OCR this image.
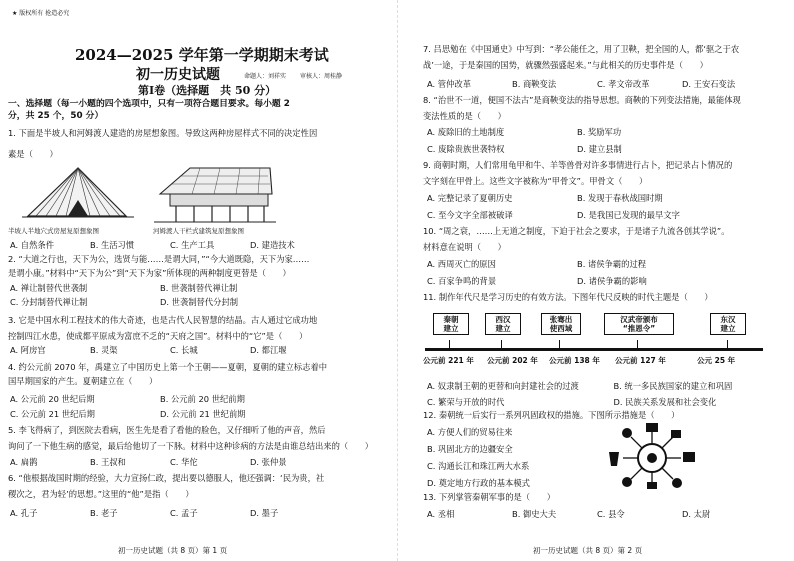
★ 版权所有 抢造必究
2024—2025 学年第一学期期末考试
初一历史试题	命题人：刘祥实 审核人：周桂静
第Ⅰ卷（选择题　共 50 分）
一、选择题（每一小题的四个选项中，只有一项符合题目要求。每小题 2
分，共 25 个，50 分）
1. 下面是半坡人和河姆渡人建造的房屋想象图。导致这两种房屋样式不同的决定性因
素是（　　）
半坡人半地穴式房屋复原想象图	河姆渡人干栏式建筑复原想象图
A. 自然条件	B. 生活习惯	C. 生产工具	D. 建造技术
2. “大道之行也，天下为公，选贤与能……是谓大同，”“今大道既隐，天下为家……
是谓小康。”材料中“天下为公”到“天下为家”所体现的两种制度更替是（　　）
A. 禅让制替代世袭制	B. 世袭制替代禅让制
C. 分封制替代禅让制	D. 世袭制替代分封制
3. 它是中国水利工程技术的伟大奇迹，也是古代人民智慧的结晶。古人通过它成功地
控制四江水患，使成都平原成为富庶不乏的“天府之国”。材料中的“它”是（　　）
A. 阿房宫	B. 灵渠	C. 长城	D. 都江堰
4. 约公元前 2070 年，禹建立了中国历史上第一个王朝——夏朝，夏朝的建立标志着中
国早期国家的产生。夏朝建立在（　　）
A. 公元前 20 世纪后期	B. 公元前 20 世纪前期
C. 公元前 21 世纪后期	D. 公元前 21 世纪前期
5. 李飞得病了，到医院去看病，医生先是看了看他的脸色，又仔细听了他的声音，然后
询问了一下他生病的感觉，最后给他切了一下脉。材料中这种诊病的方法是由谁总结出来的（　　）
A. 扁鹊	B. 王叔和	C. 华佗	D. 张仲景
6. “他根据战国时期的经验，大力宣扬仁政，提出要以德服人，他还强调：‘民为贵，社
稷次之，君为轻’的思想。”这里的“他”是指（　　）
A. 孔子	B. 老子	C. 孟子	D. 墨子
初一历史试题（共 8 页）第 1 页
7. 吕思勉在《中国通史》中写到：“孝公能任之，用了卫鞅，把全国的人，都‘驱之于农
战’一途，于是秦国的国势，就骤然强盛起来。”与此相关的历史事件是（　　）
A. 管仲改革	B. 商鞅变法	C. 孝文帝改革	D. 王安石变法
8. “治世不一道，便国不法古”是商鞅变法的指导思想。商鞅的下列变法措施，最能体现
变法性质的是（　　）
A. 废除旧的土地制度	B. 奖励军功
C. 废除贵族世袭特权	D. 建立县制
9. 商朝时期，人们常用龟甲和牛、羊等兽骨对许多事情进行占卜，把记录占卜情况的
文字刻在甲骨上。这些文字被称为“甲骨文”。甲骨文（　　）
A. 完整记录了夏朝历史	B. 发现于春秋战国时期
C. 至今文字全部被破译	D. 是我国已发现的最早文字
10. “周之衰，……上无道之制度，下迫于社会之要求，于是诸子九流各创其学说”。
材料意在说明（　　）
A. 西周灭亡的原因	B. 诸侯争霸的过程
C. 百家争鸣的背景	D. 诸侯争霸的影响
11. 制作年代尺是学习历史的有效方法。下图年代尺反映的时代主题是（　　）
秦朝
建立
西汉
建立
张骞出
使西域
汉武帝颁布
“推恩令”
东汉
建立
公元前 221 年 公元前 202 年 公元前 138 年 公元前 127 年	公元 25 年
A. 奴隶制王朝的更替和向封建社会的过渡	B. 统一多民族国家的建立和巩固
C. 繁荣与开放的时代	D. 民族关系发展和社会变化
12. 秦朝统一后实行一系列巩固政权的措施。下图所示措施是（　　）
A. 方便人们的贸易往来
B. 巩固北方的边疆安全
C. 沟通长江和珠江两大水系
D. 奠定地方行政的基本模式
13. 下列掌管秦朝军事的是（　　）
A. 丞相	B. 御史大夫	C. 县令	D. 太尉
初一历史试题（共 8 页）第 2 页
